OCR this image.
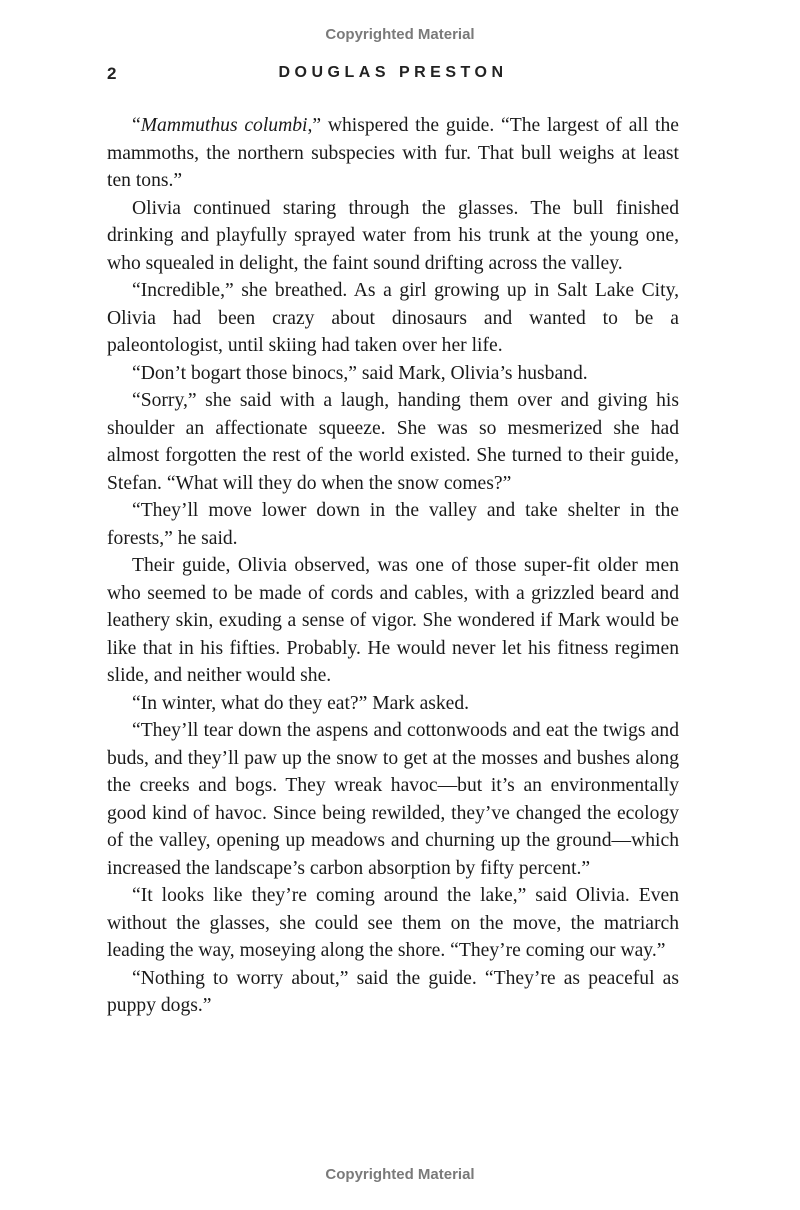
Copyrighted Material
2	DOUGLAS PRESTON

“Mammuthus columbi,” whispered the guide. “The largest of all the mammoths, the northern subspecies with fur. That bull weighs at least ten tons.”

Olivia continued staring through the glasses. The bull finished drinking and playfully sprayed water from his trunk at the young one, who squealed in delight, the faint sound drifting across the valley.

“Incredible,” she breathed. As a girl growing up in Salt Lake City, Olivia had been crazy about dinosaurs and wanted to be a paleontologist, until skiing had taken over her life.

“Don’t bogart those binocs,” said Mark, Olivia’s husband.

“Sorry,” she said with a laugh, handing them over and giving his shoulder an affectionate squeeze. She was so mesmerized she had almost forgotten the rest of the world existed. She turned to their guide, Stefan. “What will they do when the snow comes?”

“They’ll move lower down in the valley and take shelter in the forests,” he said.

Their guide, Olivia observed, was one of those super-fit older men who seemed to be made of cords and cables, with a grizzled beard and leathery skin, exuding a sense of vigor. She wondered if Mark would be like that in his fifties. Probably. He would never let his fitness regimen slide, and neither would she.

“In winter, what do they eat?” Mark asked.

“They’ll tear down the aspens and cottonwoods and eat the twigs and buds, and they’ll paw up the snow to get at the mosses and bushes along the creeks and bogs. They wreak havoc—but it’s an environmentally good kind of havoc. Since being rewilded, they’ve changed the ecology of the valley, opening up meadows and churning up the ground—which increased the landscape’s carbon absorption by fifty percent.”

“It looks like they’re coming around the lake,” said Olivia. Even without the glasses, she could see them on the move, the matriarch leading the way, moseying along the shore. “They’re coming our way.”

“Nothing to worry about,” said the guide. “They’re as peaceful as puppy dogs.”

Copyrighted Material
